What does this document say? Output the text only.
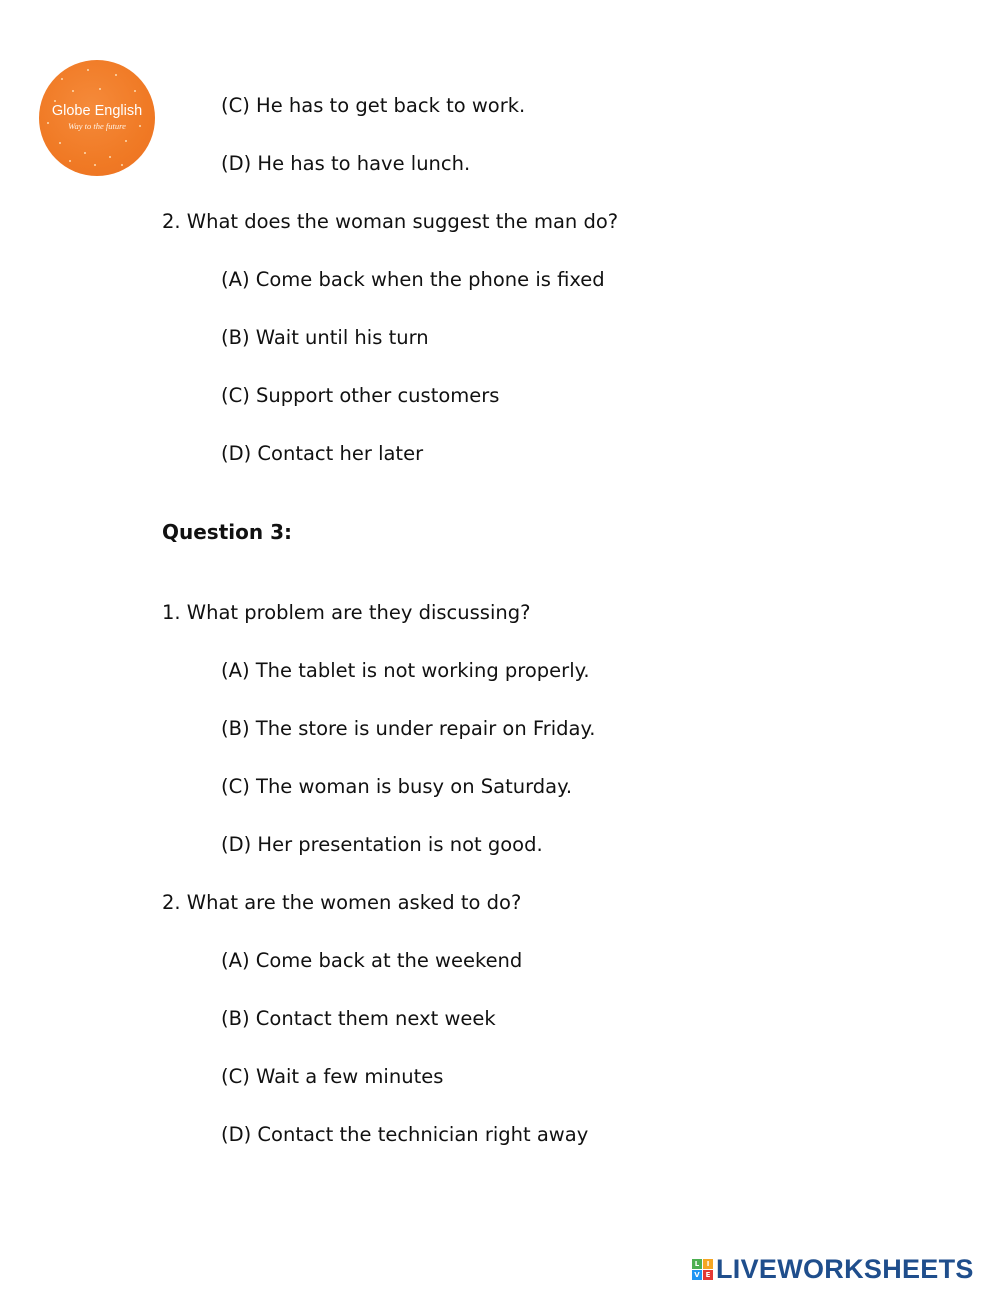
Globe English
Way to the future
(C) He has to get back to work.
(D) He has to have lunch.
2. What does the woman suggest the man do?
(A) Come back when the phone is fixed
(B) Wait until his turn
(C) Support other customers
(D) Contact her later
Question 3:
1. What problem are they discussing?
(A) The tablet is not working properly.
(B) The store is under repair on Friday.
(C) The woman is busy on Saturday.
(D) Her presentation is not good.
2. What are the women asked to do?
(A) Come back at the weekend
(B) Contact them next week
(C) Wait a few minutes
(D) Contact the technician right away
L	I
V E LIVEWORKSHEETS
